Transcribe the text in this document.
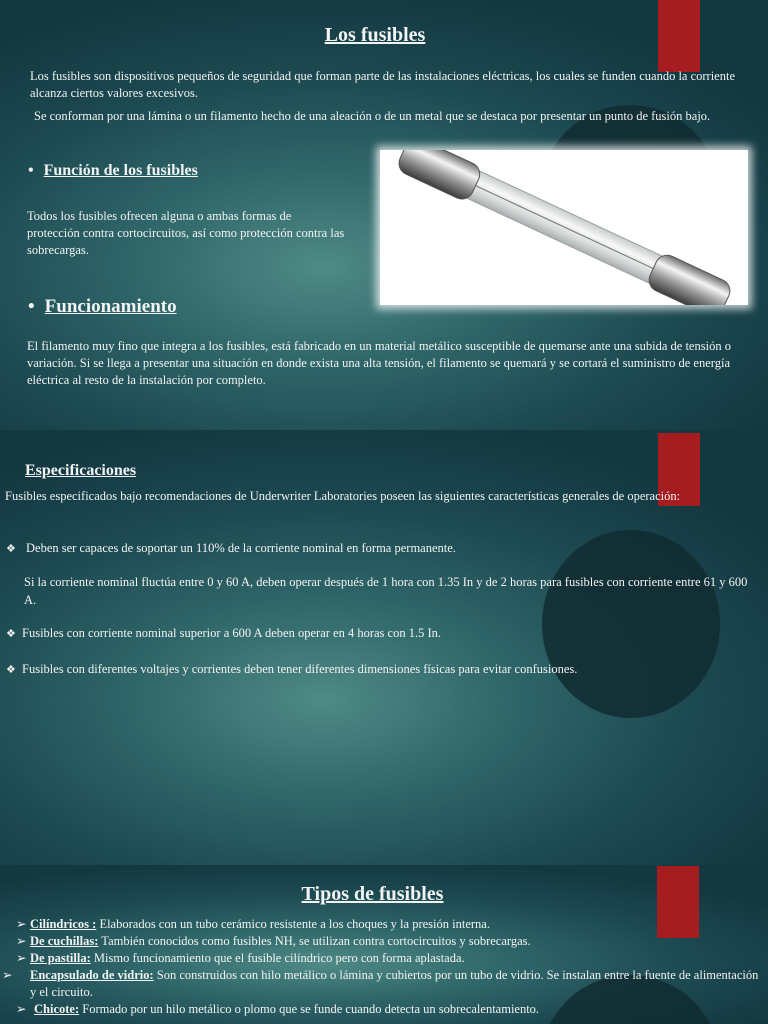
Los fusibles

Los fusibles son dispositivos pequeños de seguridad que forman parte de las instalaciones eléctricas, los cuales se funden cuando la corriente alcanza ciertos valores excesivos.

Se conforman por una lámina o un filamento hecho de una aleación o de un metal que se destaca por presentar un punto de fusión bajo.

• Función de los fusibles

Todos los fusibles ofrecen alguna o ambas formas de protección contra cortocircuitos, así como protección contra las sobrecargas.

• Funcionamiento

El filamento muy fino que integra a los fusibles, está fabricado en un material metálico susceptible de quemarse ante una subida de tensión o variación. Si se llega a presentar una situación en donde exista una alta tensión, el filamento se quemará y se cortará el suministro de energía eléctrica al resto de la instalación por completo.

Especificaciones

Fusibles especificados bajo recomendaciones de Underwriter Laboratories poseen las siguientes características generales de operación:

❖ Deben ser capaces de soportar un 110% de la corriente nominal en forma permanente.

Si la corriente nominal fluctúa entre 0 y 60 A, deben operar después de 1 hora con 1.35 In y de 2 horas para fusibles con corriente entre 61 y 600 A.

❖ Fusibles con corriente nominal superior a 600 A deben operar en 4 horas con 1.5 In.

❖ Fusibles con diferentes voltajes y corrientes deben tener diferentes dimensiones físicas para evitar confusiones.

Tipos de fusibles

➢ Cilíndricos : Elaborados con un tubo cerámico resistente a los choques y la presión interna.

➢ De cuchillas: También conocidos como fusibles NH, se utilizan contra cortocircuitos y sobrecargas.

➢ De pastilla: Mismo funcionamiento que el fusible cilíndrico pero con forma aplastada.

➢ Encapsulado de vidrio: Son construidos con hilo metálico o lámina y cubiertos por un tubo de vidrio. Se instalan entre la fuente de alimentación y el circuito.

➢ Chicote: Formado por un hilo metálico o plomo que se funde cuando detecta un sobrecalentamiento.
